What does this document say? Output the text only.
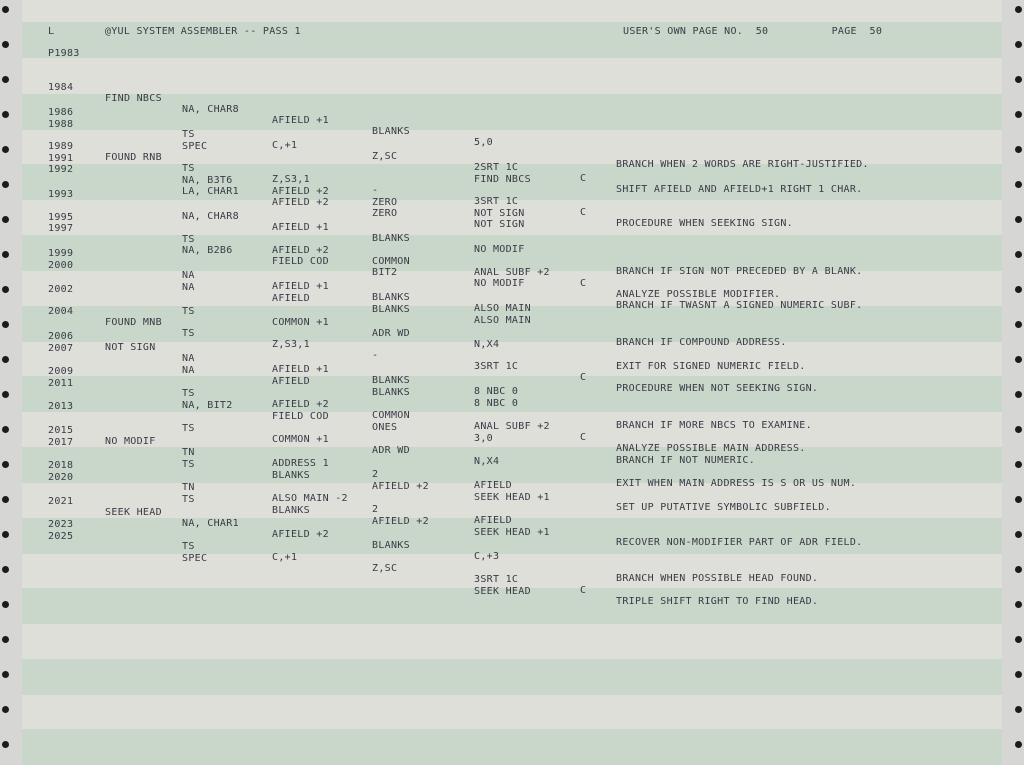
L        @YUL SYSTEM ASSEMBLER -- PASS 1	USER'S OWN PAGE NO.  50          PAGE  50
P1983

1984

FIND NBCS

NA, CHAR8

AFIELD +1

BLANKS

5,0

BRANCH WHEN 2 WORDS ARE RIGHT-JUSTIFIED.

1986

TS

C,+1

Z,SC

2SRT 1C

C

SHIFT AFIELD AND AFIELD+1 RIGHT 1 CHAR.

1988

SPEC

FIND NBCS

1989

FOUND RNB

TS

Z,S3,1

-

3SRT 1C

C

PROCEDURE WHEN SEEKING SIGN.

1991

NA, B3T6

AFIELD +2

ZERO

NOT SIGN

1992

LA, CHAR1

AFIELD +2

ZERO

NOT SIGN

1993

NA, CHAR8

AFIELD +1

BLANKS

NO MODIF

BRANCH IF SIGN NOT PRECEDED BY A BLANK.

1995

TS

AFIELD +2

COMMON

ANAL SUBF +2

C

ANALYZE POSSIBLE MODIFIER.

1997

NA, B2B6

FIELD COD

BIT2

NO MODIF

BRANCH IF TWASNT A SIGNED NUMERIC SUBF.

1999

NA

AFIELD +1

BLANKS

ALSO MAIN

2000

NA

AFIELD

BLANKS

ALSO MAIN

BRANCH IF COMPOUND ADDRESS.

2002

TS

COMMON +1

ADR WD

N,X4

EXIT FOR SIGNED NUMERIC FIELD.

2004

FOUND MNB

TS

Z,S3,1

-

3SRT 1C

C

PROCEDURE WHEN NOT SEEKING SIGN.

2006

NOT SIGN

NA

AFIELD +1

BLANKS

8 NBC 0

2007

NA

AFIELD

BLANKS

8 NBC 0

BRANCH IF MORE NBCS TO EXAMINE.

2009

TS

AFIELD +2

COMMON

ANAL SUBF +2

C

ANALYZE POSSIBLE MAIN ADDRESS.

2011

NA, BIT2

FIELD COD

ONES

3,0

BRANCH IF NOT NUMERIC.

2013

TS

COMMON +1

ADR WD

N,X4

EXIT WHEN MAIN ADDRESS IS S OR US NUM.

2015

NO MODIF

TN

ADDRESS 1

2

AFIELD

SET UP PUTATIVE SYMBOLIC SUBFIELD.

2017

TS

BLANKS

AFIELD +2

SEEK HEAD +1

2018

TN

ALSO MAIN -2

2

AFIELD

RECOVER NON-MODIFIER PART OF ADR FIELD.

2020

TS

BLANKS

AFIELD +2

SEEK HEAD +1

2021

SEEK HEAD

NA, CHAR1

AFIELD +2

BLANKS

C,+3

BRANCH WHEN POSSIBLE HEAD FOUND.

2023

TS

C,+1

Z,SC

3SRT 1C

C

TRIPLE SHIFT RIGHT TO FIND HEAD.

2025

SPEC

SEEK HEAD
